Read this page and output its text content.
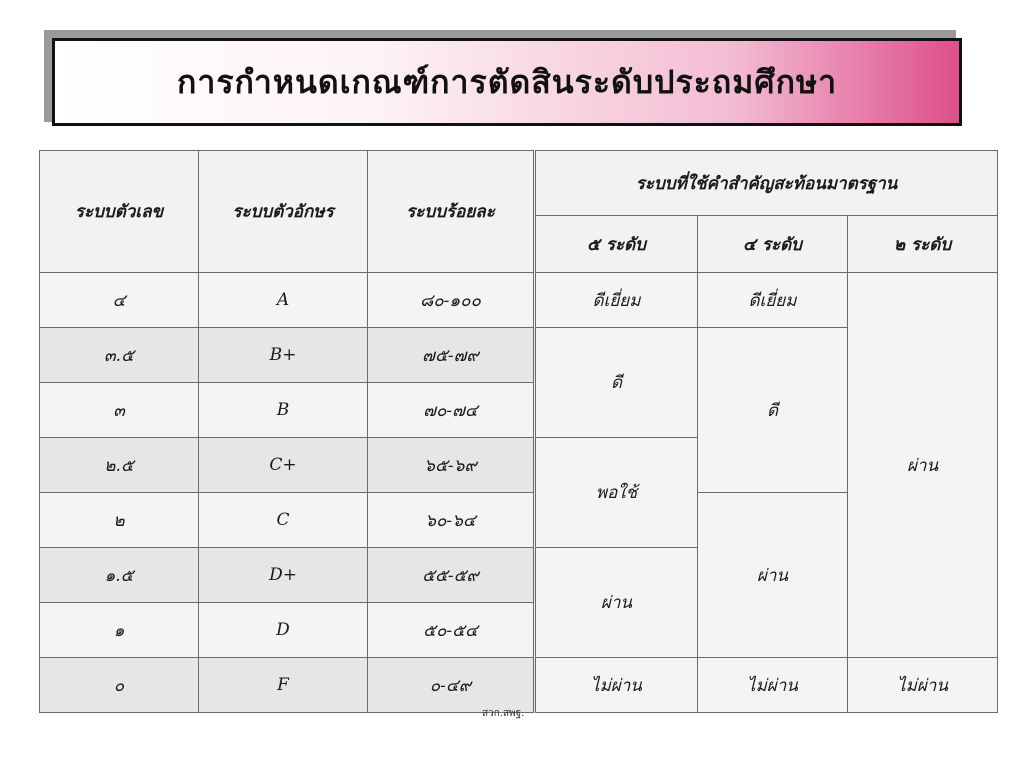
การกำหนดเกณฑ์การตัดสินระดับประถมศึกษา
ระบบตัวเลข	ระบบตัวอักษร	ระบบร้อยละ	ระบบที่ใช้คำสำคัญสะท้อนมาตรฐาน		
			๕ ระดับ	๔ ระดับ	๒ ระดับ
๔	A	๘๐-๑๐๐	ดีเยี่ยม	ดีเยี่ยม	ผ่าน
๓.๕	B+	๗๕-๗๙	ดี	ดี	
๓	B	๗๐-๗๔			
๒.๕	C+	๖๕-๖๙	พอใช้		
๒	C	๖๐-๖๔		ผ่าน	
๑.๕	D+	๕๕-๕๙	ผ่าน		
๑	D	๕๐-๕๔			
๐	F	๐-๔๙	ไม่ผ่าน	ไม่ผ่าน	ไม่ผ่าน
สวก.สพฐ.
